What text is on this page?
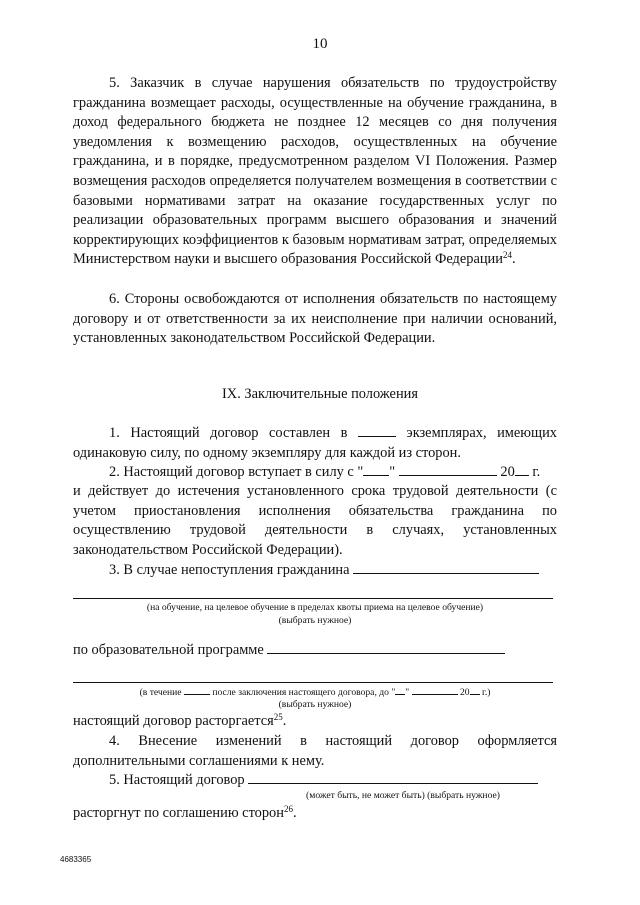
10

5. Заказчик в случае нарушения обязательств по трудоустройству гражданина возмещает расходы, осуществленные на обучение гражданина, в доход федерального бюджета не позднее 12 месяцев со дня получения уведомления к возмещению расходов, осуществленных на обучение гражданина, и в порядке, предусмотренном разделом VI Положения. Размер возмещения расходов определяется получателем возмещения в соответствии с базовыми нормативами затрат на оказание государственных услуг по реализации образовательных программ высшего образования и значений корректирующих коэффициентов к базовым нормативам затрат, определяемых Министерством науки и высшего образования Российской Федерации$^{24}$.

6. Стороны освобождаются от исполнения обязательств по настоящему договору и от ответственности за их неисполнение при наличии оснований, установленных законодательством Российской Федерации.

IX. Заключительные положения

1. Настоящий договор составлен в	экземплярах, имеющих одинаковую силу, по одному экземпляру для каждой из сторон.

2. Настоящий договор вступает в силу с " "	20 г.

и действует до истечения установленного срока трудовой деятельности (с учетом приостановления исполнения обязательства гражданина по осуществлению трудовой деятельности в случаях, установленных законодательством Российской Федерации).

3. В случае непоступления гражданина
(на обучение, на целевое обучение в пределах квоты приема на целевое обучение)
(выбрать нужное)
по образовательной программе
(в течение	после заключения настоящего договора, до " "	20 г.)
(выбрать нужное)
настоящий договор расторгается$^{25}$.

4. Внесение изменений в настоящий договор оформляется дополнительными соглашениями к нему.

5. Настоящий договор
(может быть, не может быть) (выбрать нужное)
расторгнут по соглашению сторон$^{26}$.
4683365
